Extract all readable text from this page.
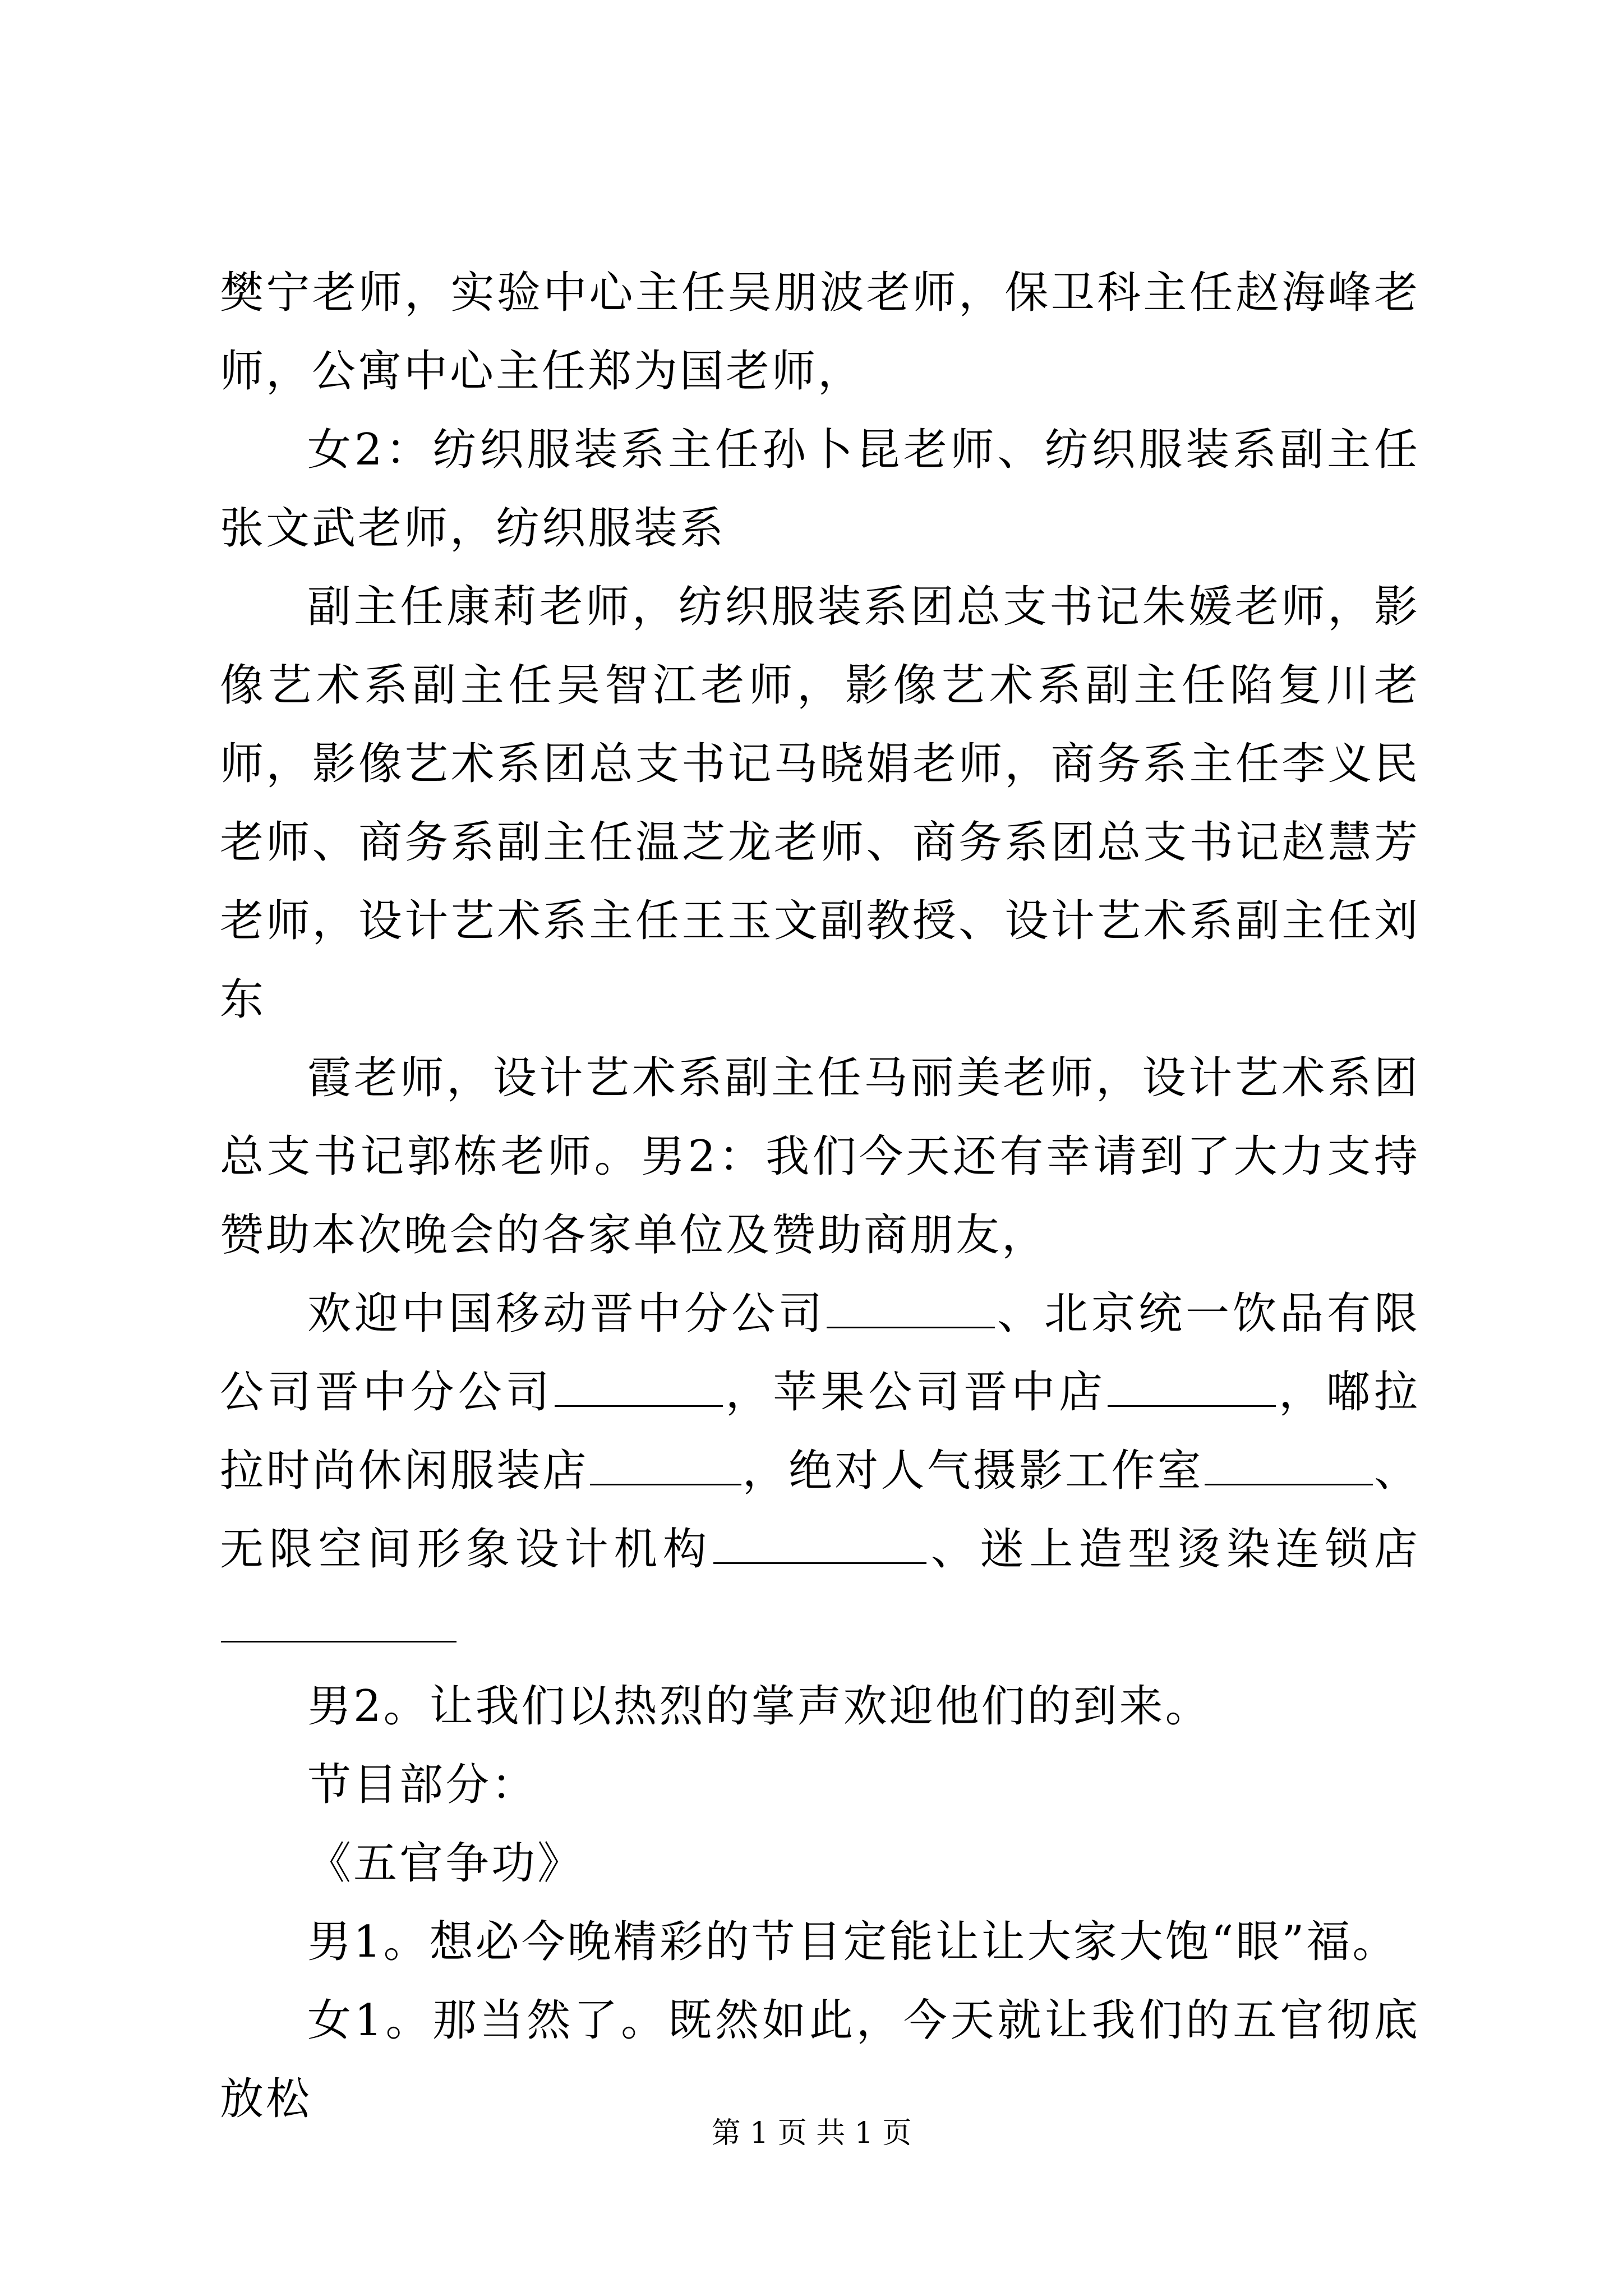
樊宁老师，实验中心主任吴朋波老师，保卫科主任赵海峰老师，公寓中心主任郑为国老师，

女2：纺织服装系主任孙卜昆老师、纺织服装系副主任张文武老师，纺织服装系

副主任康莉老师，纺织服装系团总支书记朱媛老师，影像艺术系副主任吴智江老师，影像艺术系副主任陷复川老师，影像艺术系团总支书记马晓娟老师，商务系主任李义民老师、商务系副主任温芝龙老师、商务系团总支书记赵慧芳老师，设计艺术系主任王玉文副教授、设计艺术系副主任刘东

霞老师，设计艺术系副主任马丽美老师，设计艺术系团总支书记郭栋老师。男2：我们今天还有幸请到了大力支持赞助本次晚会的各家单位及赞助商朋友，

欢迎中国移动晋中分公司	、北京统一饮品有限公司晋中分公司	，苹果公司晋中店	，嘟拉拉时尚休闲服装店	，绝对人气摄影工作室	、无限空间形象设计机构	、迷上造型烫染连锁店

男2。让我们以热烈的掌声欢迎他们的到来。

节目部分：

《五官争功》

男1。想必今晚精彩的节目定能让让大家大饱“眼”福。

女1。那当然了。既然如此，今天就让我们的五官彻底放松

第 1 页 共 1 页
